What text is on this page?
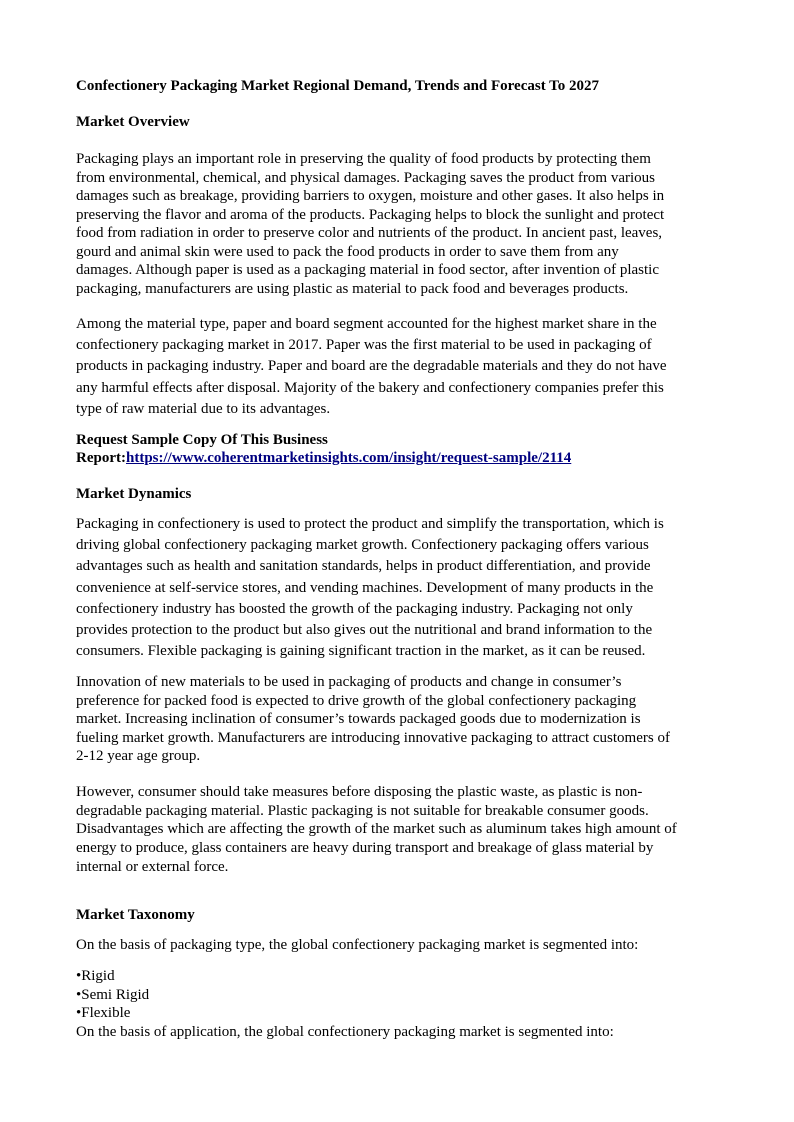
Confectionery Packaging Market Regional Demand, Trends and Forecast To 2027
Market Overview
Packaging plays an important role in preserving the quality of food products by protecting them
from environmental, chemical, and physical damages. Packaging saves the product from various
damages such as breakage, providing barriers to oxygen, moisture and other gases. It also helps in
preserving the flavor and aroma of the products. Packaging helps to block the sunlight and protect
food from radiation in order to preserve color and nutrients of the product. In ancient past, leaves,
gourd and animal skin were used to pack the food products in order to save them from any
damages. Although paper is used as a packaging material in food sector, after invention of plastic
packaging, manufacturers are using plastic as material to pack food and beverages products.
Among the material type, paper and board segment accounted for the highest market share in the
confectionery packaging market in 2017. Paper was the first material to be used in packaging of
products in packaging industry. Paper and board are the degradable materials and they do not have
any harmful effects after disposal. Majority of the bakery and confectionery companies prefer this
type of raw material due to its advantages.
Request Sample Copy Of This Business
Report:https://www.coherentmarketinsights.com/insight/request-sample/2114
Market Dynamics
Packaging in confectionery is used to protect the product and simplify the transportation, which is
driving global confectionery packaging market growth. Confectionery packaging offers various
advantages such as health and sanitation standards, helps in product differentiation, and provide
convenience at self-service stores, and vending machines. Development of many products in the
confectionery industry has boosted the growth of the packaging industry. Packaging not only
provides protection to the product but also gives out the nutritional and brand information to the
consumers. Flexible packaging is gaining significant traction in the market, as it can be reused.
Innovation of new materials to be used in packaging of products and change in consumer’s
preference for packed food is expected to drive growth of the global confectionery packaging
market. Increasing inclination of consumer’s towards packaged goods due to modernization is
fueling market growth. Manufacturers are introducing innovative packaging to attract customers of
2-12 year age group.
However, consumer should take measures before disposing the plastic waste, as plastic is non-
degradable packaging material. Plastic packaging is not suitable for breakable consumer goods.
Disadvantages which are affecting the growth of the market such as aluminum takes high amount of
energy to produce, glass containers are heavy during transport and breakage of glass material by
internal or external force.
Market Taxonomy
On the basis of packaging type, the global confectionery packaging market is segmented into:
•Rigid
•Semi Rigid
•Flexible
On the basis of application, the global confectionery packaging market is segmented into:
